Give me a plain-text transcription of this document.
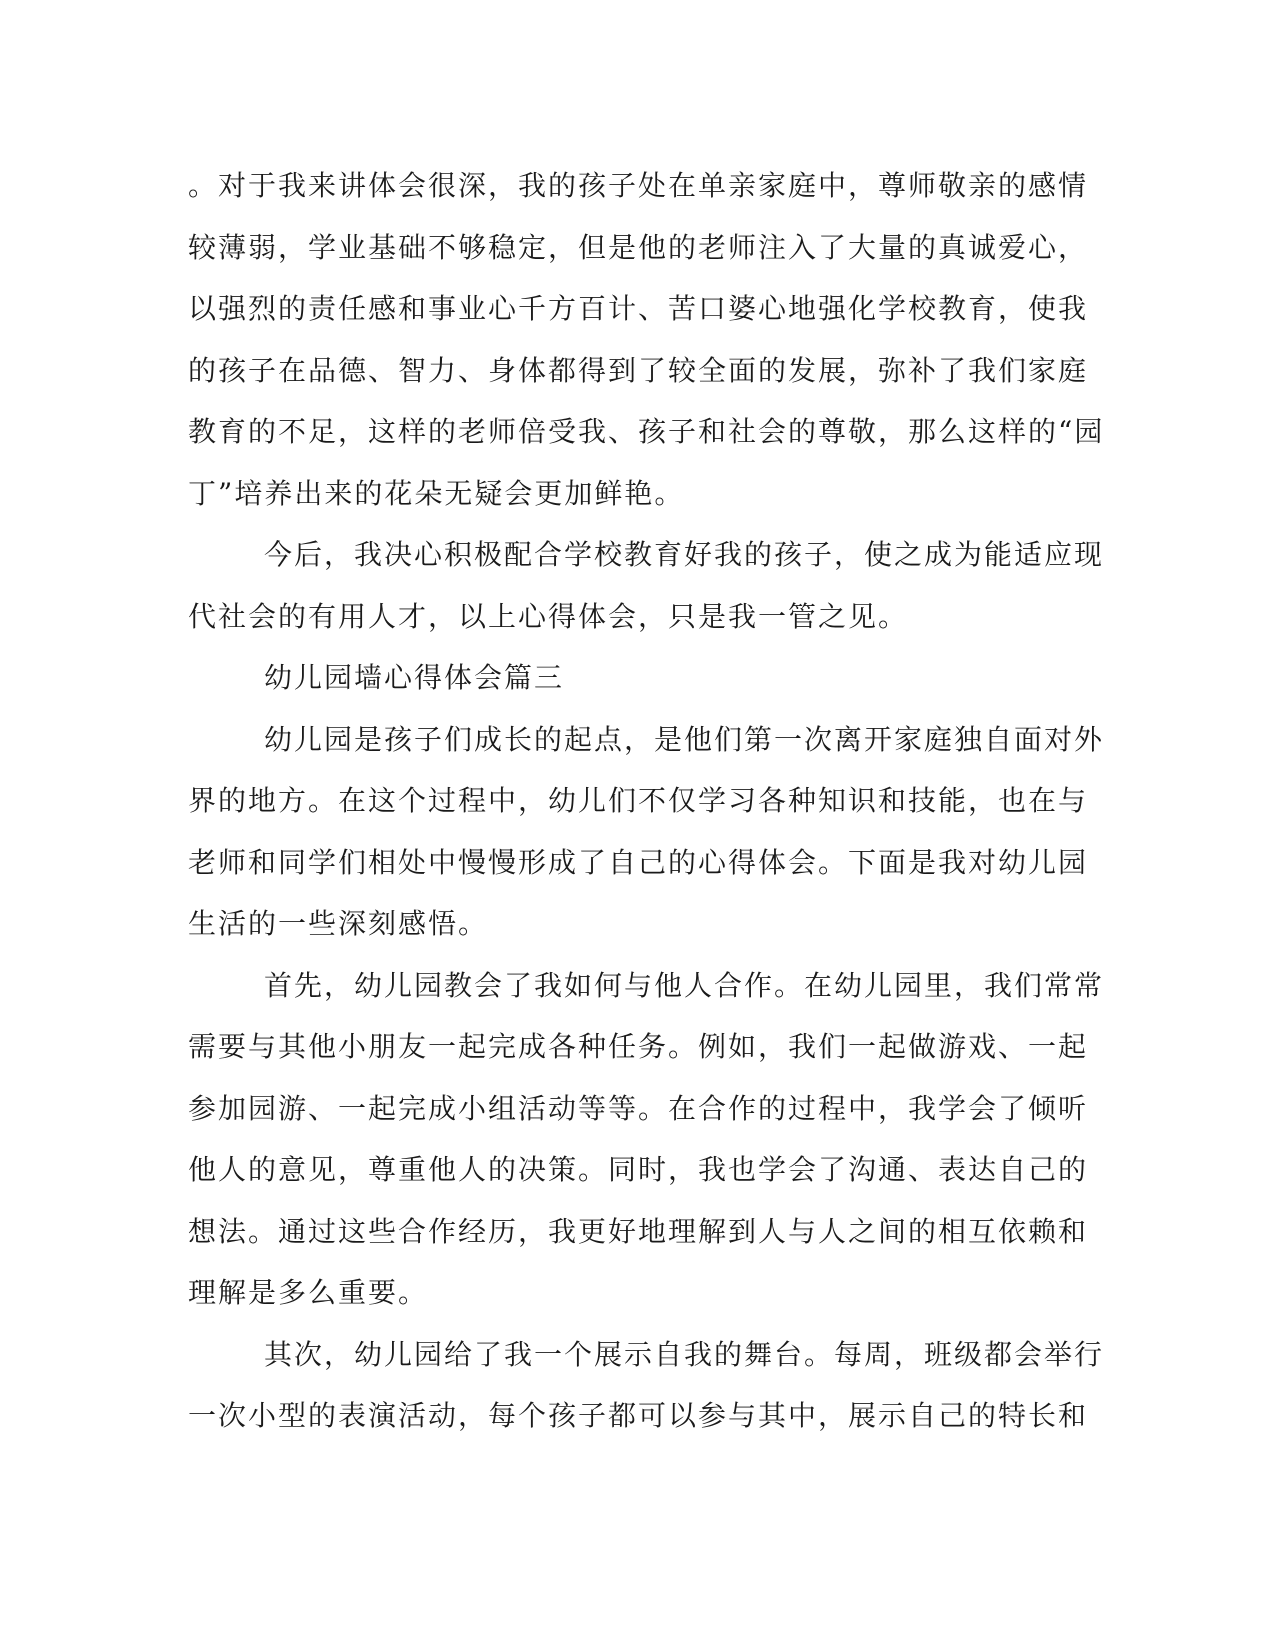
。对于我来讲体会很深，我的孩子处在单亲家庭中，尊师敬亲的感情
较薄弱，学业基础不够稳定，但是他的老师注入了大量的真诚爱心，
以强烈的责任感和事业心千方百计、苦口婆心地强化学校教育，使我
的孩子在品德、智力、身体都得到了较全面的发展，弥补了我们家庭
教育的不足，这样的老师倍受我、孩子和社会的尊敬，那么这样的“园
丁”培养出来的花朵无疑会更加鲜艳。
今后，我决心积极配合学校教育好我的孩子，使之成为能适应现
代社会的有用人才，以上心得体会，只是我一管之见。
幼儿园墙心得体会篇三
幼儿园是孩子们成长的起点，是他们第一次离开家庭独自面对外
界的地方。在这个过程中，幼儿们不仅学习各种知识和技能，也在与
老师和同学们相处中慢慢形成了自己的心得体会。下面是我对幼儿园
生活的一些深刻感悟。
首先，幼儿园教会了我如何与他人合作。在幼儿园里，我们常常
需要与其他小朋友一起完成各种任务。例如，我们一起做游戏、一起
参加园游、一起完成小组活动等等。在合作的过程中，我学会了倾听
他人的意见，尊重他人的决策。同时，我也学会了沟通、表达自己的
想法。通过这些合作经历，我更好地理解到人与人之间的相互依赖和
理解是多么重要。
其次，幼儿园给了我一个展示自我的舞台。每周，班级都会举行
一次小型的表演活动，每个孩子都可以参与其中，展示自己的特长和
